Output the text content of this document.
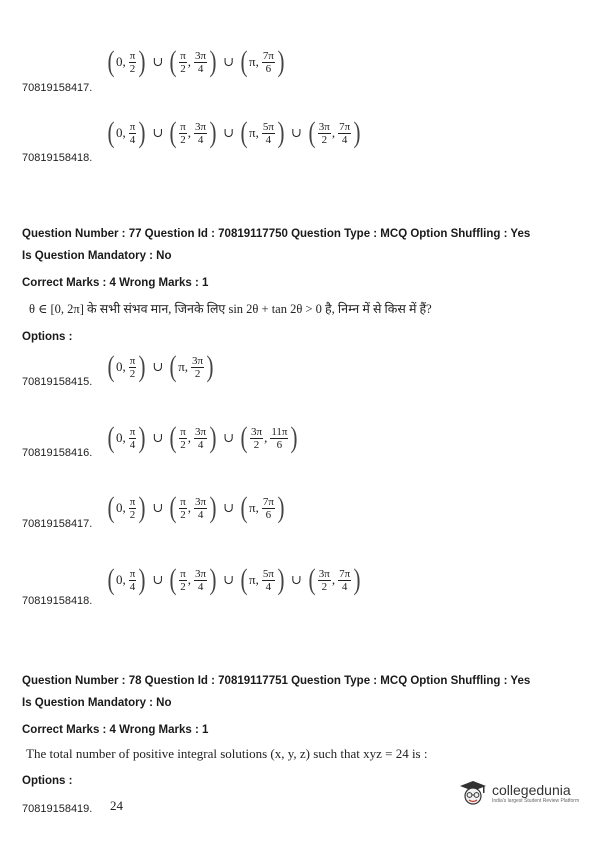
70819158417.
( 0 , $\frac{\pi}{2}$ ) ∪ ( $\frac{\pi}{2}$ , $\frac{3\pi}{4}$ ) ∪ ( π , $\frac{7\pi}{6}$ )
70819158418.
( 0 , $\frac{\pi}{4}$ ) ∪ ( $\frac{\pi}{2}$ , $\frac{3\pi}{4}$ ) ∪ ( π , $\frac{5\pi}{4}$ ) ∪ ( $\frac{3\pi}{2}$ , $\frac{7\pi}{4}$ )
Question Number : 77 Question Id : 70819117750 Question Type : MCQ Option Shuffling : Yes
Is Question Mandatory : No
Correct Marks : 4 Wrong Marks : 1
θ ∈ [0, 2π] के सभी संभव मान, जिनके लिए sin 2θ + tan 2θ > 0 है, निम्न में से किस में हैं?
Options :
70819158415. ( 0 , $\frac{\pi}{2}$ ) ∪ ( π , $\frac{3\pi}{2}$ )
70819158416. ( 0 , $\frac{\pi}{4}$ ) ∪ ( $\frac{\pi}{2}$ , $\frac{3\pi}{4}$ ) ∪ ( $\frac{3\pi}{2}$ , $\frac{11\pi}{6}$ )
70819158417. ( 0 , $\frac{\pi}{2}$ ) ∪ ( $\frac{\pi}{2}$ , $\frac{3\pi}{4}$ ) ∪ ( π , $\frac{7\pi}{6}$ )
70819158418.
( 0 , $\frac{\pi}{4}$ ) ∪ ( $\frac{\pi}{2}$ , $\frac{3\pi}{4}$ ) ∪ ( π , $\frac{5\pi}{4}$ ) ∪ ( $\frac{3\pi}{2}$ , $\frac{7\pi}{4}$ )
Question Number : 78 Question Id : 70819117751 Question Type : MCQ Option Shuffling : Yes
Is Question Mandatory : No
Correct Marks : 4 Wrong Marks : 1
The total number of positive integral solutions (x, y, z) such that xyz = 24 is :
Options :
70819158419. 24
collegedunia
India's largest Student Review Platform
